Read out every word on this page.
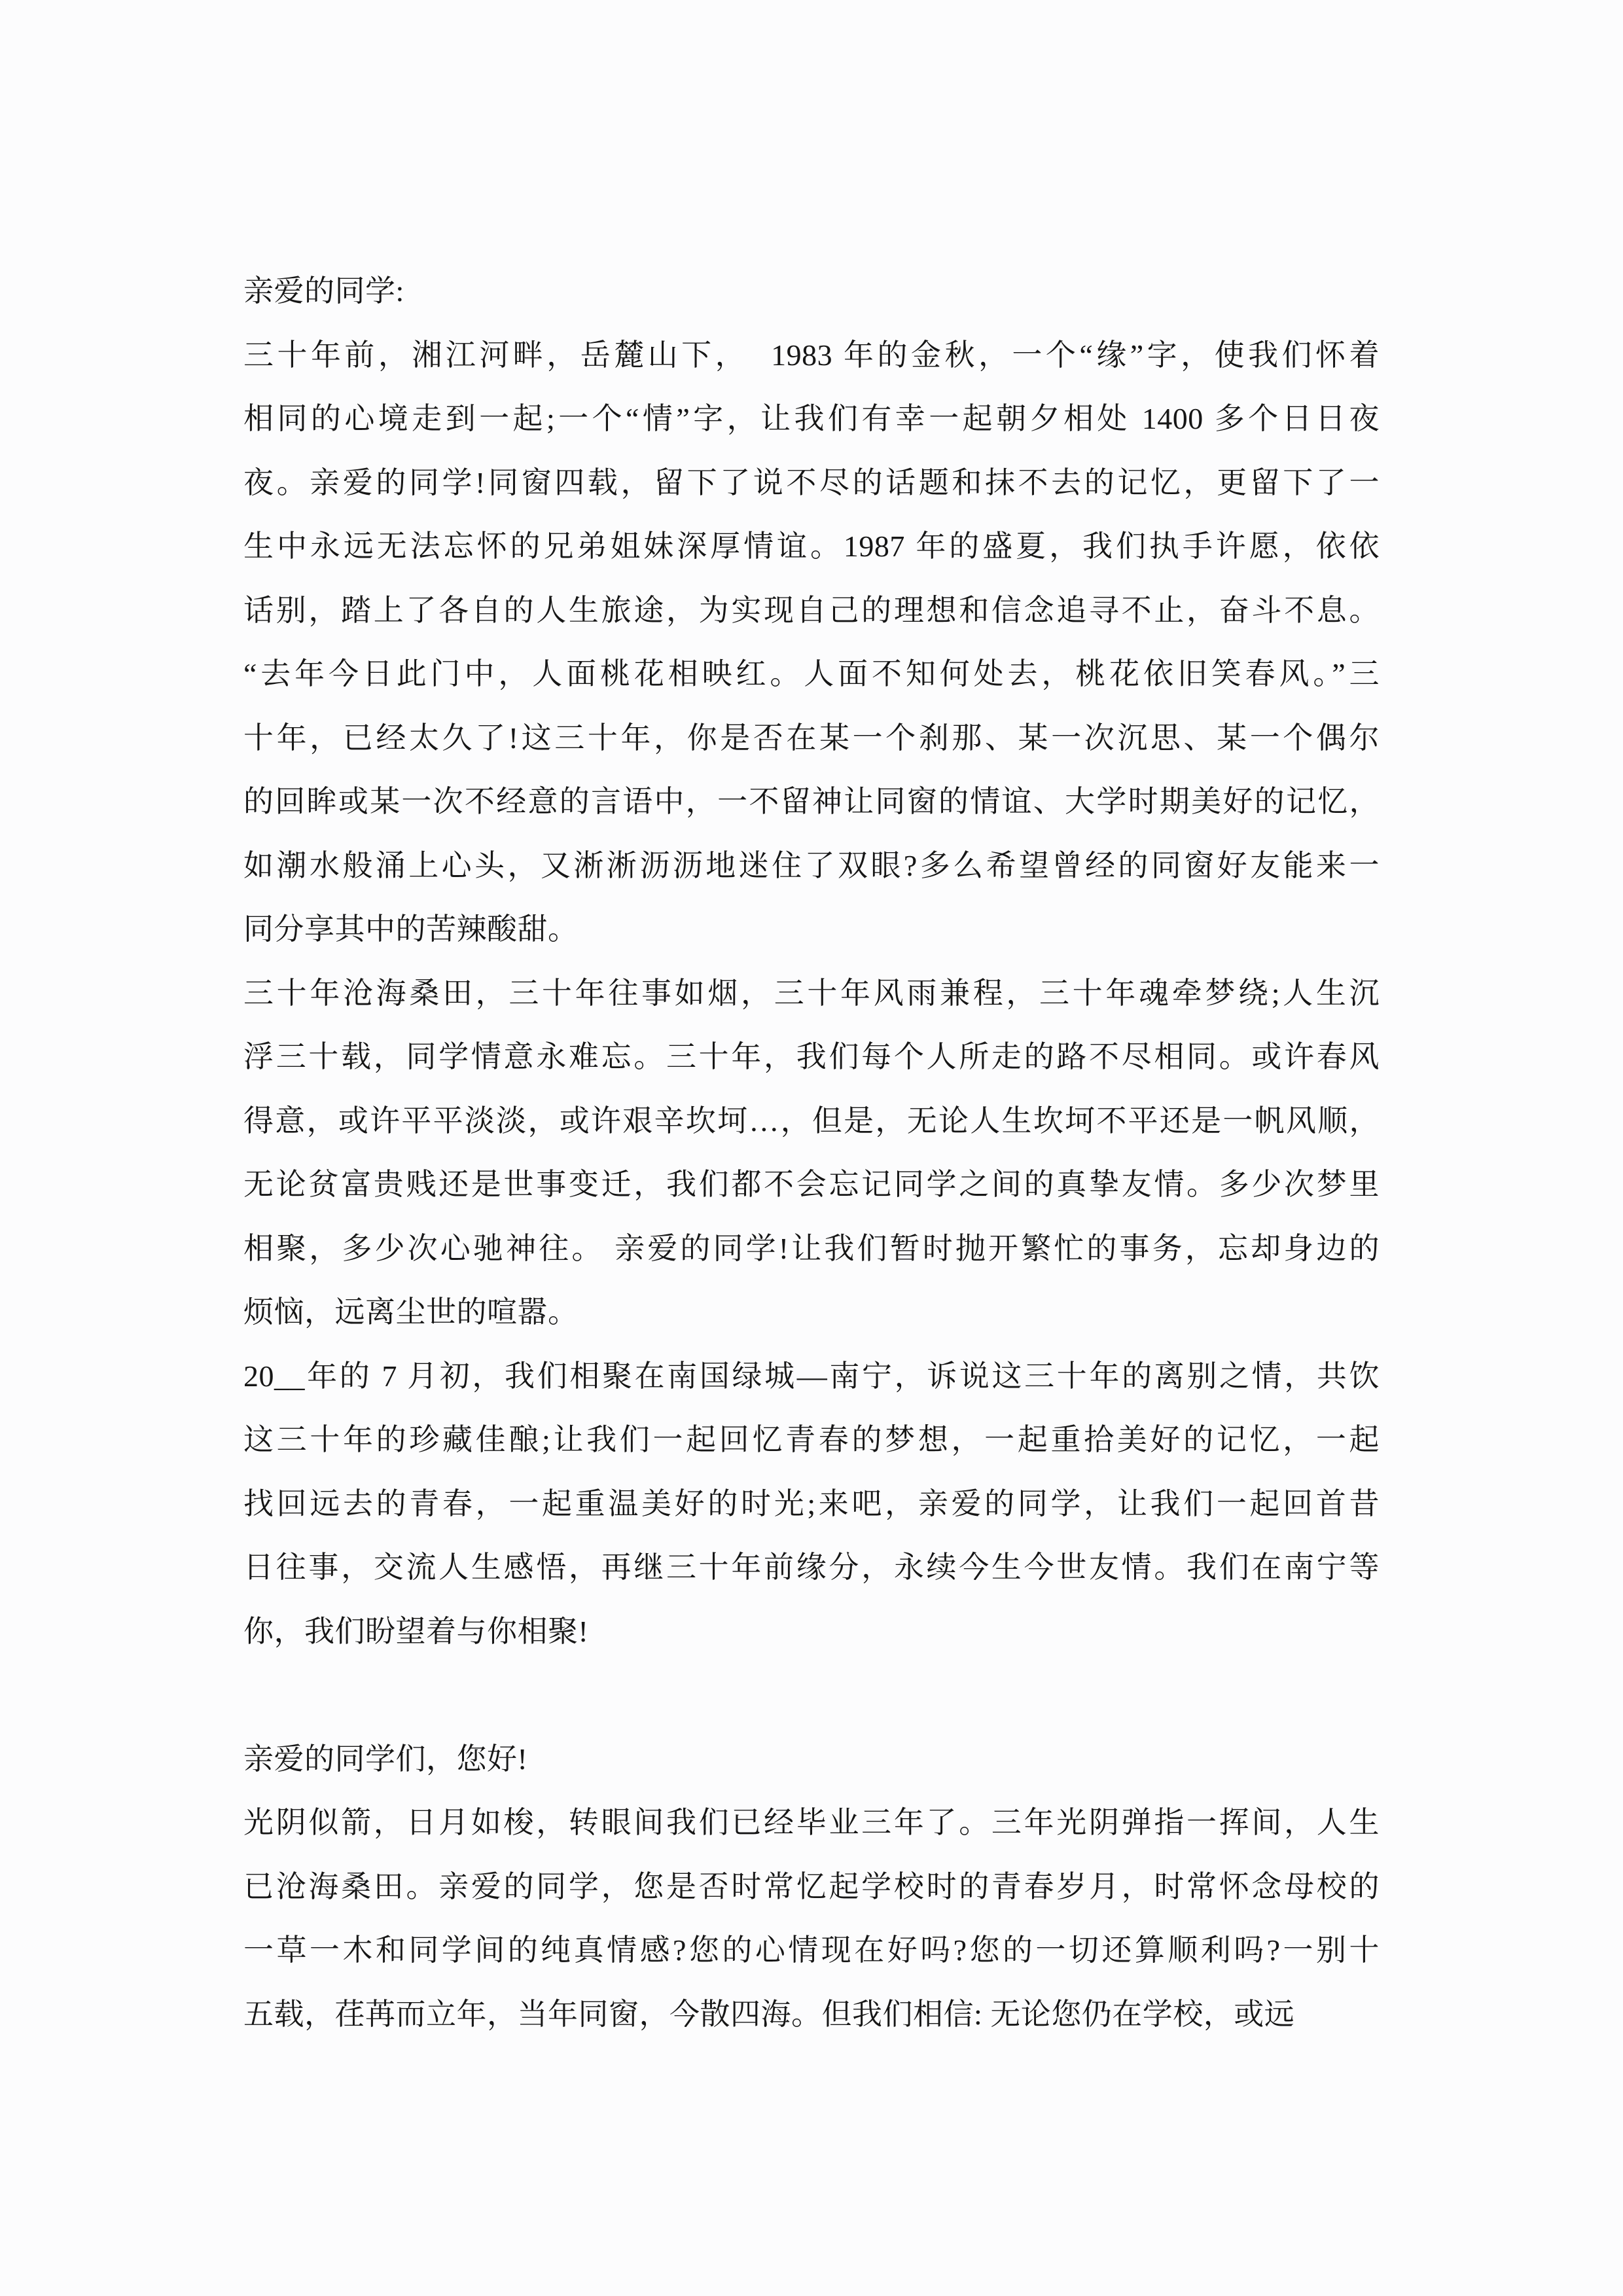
亲爱的同学:
三十年前，湘江河畔，岳麓山下，  1983 年的金秋，一个“缘”字，使我们怀着
相同的心境走到一起;一个“情”字，让我们有幸一起朝夕相处 1400 多个日日夜
夜。亲爱的同学!同窗四载，留下了说不尽的话题和抹不去的记忆，更留下了一
生中永远无法忘怀的兄弟姐妹深厚情谊。1987 年的盛夏，我们执手许愿，依依
话别，踏上了各自的人生旅途，为实现自己的理想和信念追寻不止，奋斗不息。
“去年今日此门中，人面桃花相映红。人面不知何处去，桃花依旧笑春风。”三
十年，已经太久了!这三十年，你是否在某一个刹那、某一次沉思、某一个偶尔
的回眸或某一次不经意的言语中，一不留神让同窗的情谊、大学时期美好的记忆，
如潮水般涌上心头，又淅淅沥沥地迷住了双眼?多么希望曾经的同窗好友能来一
同分享其中的苦辣酸甜。
三十年沧海桑田，三十年往事如烟，三十年风雨兼程，三十年魂牵梦绕;人生沉
浮三十载，同学情意永难忘。三十年，我们每个人所走的路不尽相同。或许春风
得意，或许平平淡淡，或许艰辛坎坷…，但是，无论人生坎坷不平还是一帆风顺，
无论贫富贵贱还是世事变迁，我们都不会忘记同学之间的真挚友情。多少次梦里
相聚，多少次心驰神往。 亲爱的同学!让我们暂时抛开繁忙的事务，忘却身边的
烦恼，远离尘世的喧嚣。
20__年的 7 月初，我们相聚在南国绿城—南宁，诉说这三十年的离别之情，共饮
这三十年的珍藏佳酿;让我们一起回忆青春的梦想，一起重拾美好的记忆，一起
找回远去的青春，一起重温美好的时光;来吧，亲爱的同学，让我们一起回首昔
日往事，交流人生感悟，再继三十年前缘分，永续今生今世友情。我们在南宁等
你，我们盼望着与你相聚!
亲爱的同学们，您好!
光阴似箭，日月如梭，转眼间我们已经毕业三年了。三年光阴弹指一挥间，人生
已沧海桑田。亲爱的同学，您是否时常忆起学校时的青春岁月，时常怀念母校的
一草一木和同学间的纯真情感?您的心情现在好吗?您的一切还算顺利吗?一别十
五载，荏苒而立年，当年同窗，今散四海。但我们相信: 无论您仍在学校，或远
